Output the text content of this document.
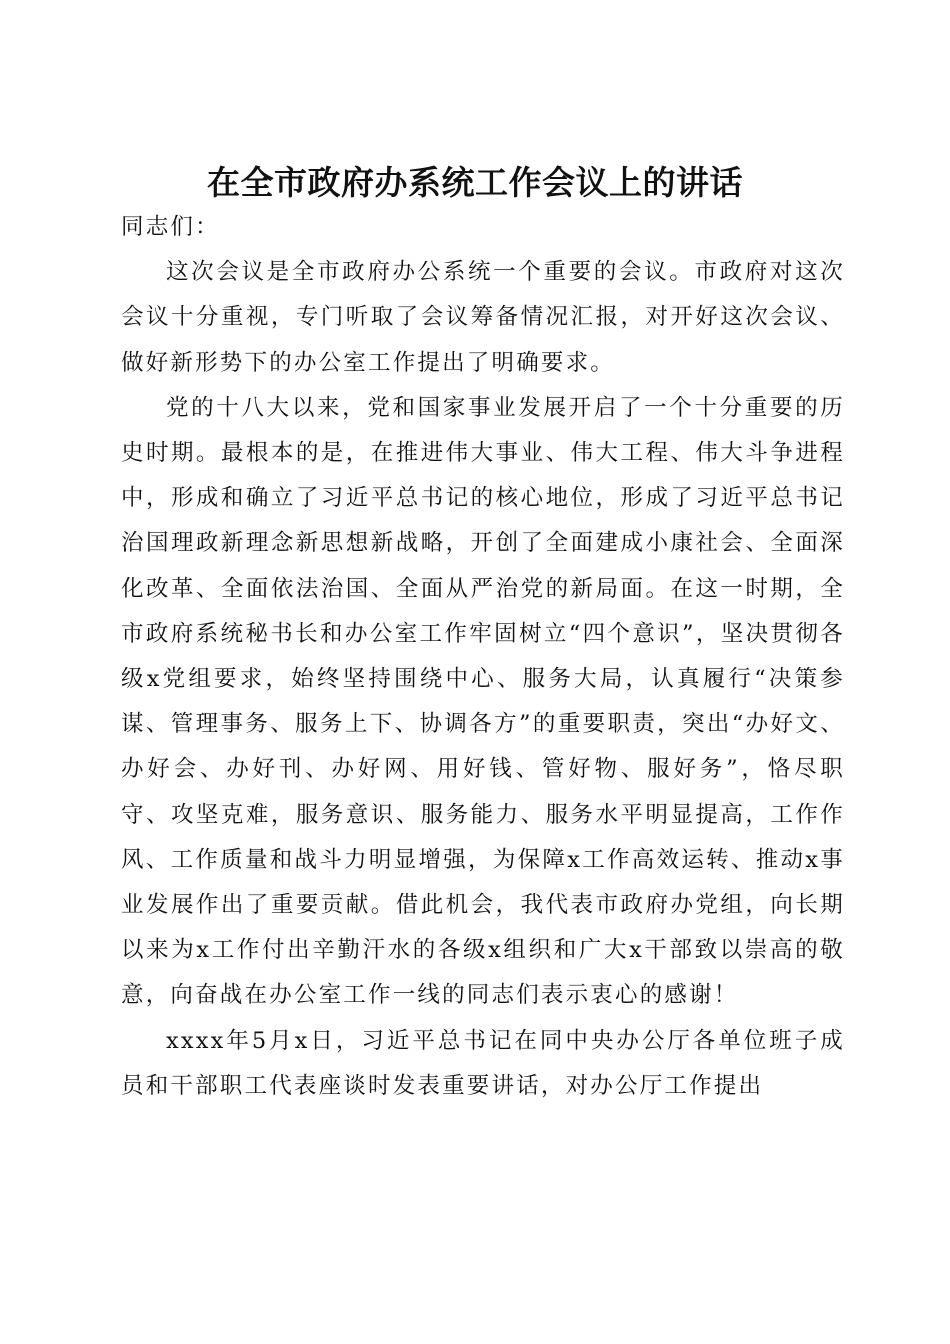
在全市政府办系统工作会议上的讲话

同志们：

这次会议是全市政府办公系统一个重要的会议。市政府对这次会议十分重视，专门听取了会议筹备情况汇报，对开好这次会议、做好新形势下的办公室工作提出了明确要求。

党的十八大以来，党和国家事业发展开启了一个十分重要的历史时期。最根本的是，在推进伟大事业、伟大工程、伟大斗争进程中，形成和确立了习近平总书记的核心地位，形成了习近平总书记治国理政新理念新思想新战略，开创了全面建成小康社会、全面深化改革、全面依法治国、全面从严治党的新局面。在这一时期，全市政府系统秘书长和办公室工作牢固树立“四个意识”，坚决贯彻各级x党组要求，始终坚持围绕中心、服务大局，认真履行“决策参谋、管理事务、服务上下、协调各方”的重要职责，突出“办好文、办好会、办好刊、办好网、用好钱、管好物、服好务”，恪尽职守、攻坚克难，服务意识、服务能力、服务水平明显提高，工作作风、工作质量和战斗力明显增强，为保障x工作高效运转、推动x事业发展作出了重要贡献。借此机会，我代表市政府办党组，向长期以来为x工作付出辛勤汗水的各级x组织和广大x干部致以崇高的敬意，向奋战在办公室工作一线的同志们表示衷心的感谢！

xxxx年5月x日，习近平总书记在同中央办公厅各单位班子成员和干部职工代表座谈时发表重要讲话，对办公厅工作提出
